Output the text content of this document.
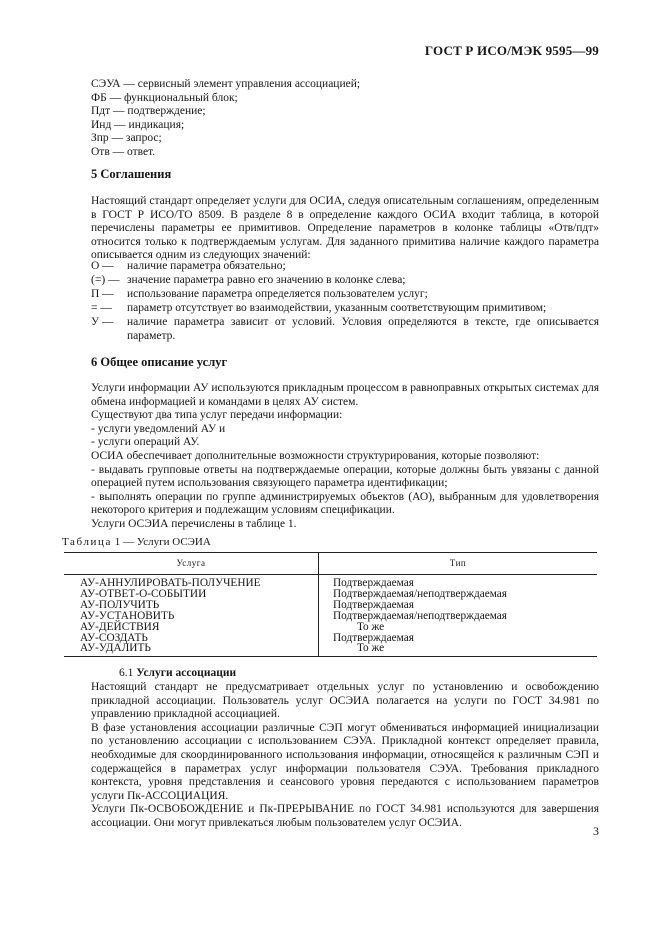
ГОСТ Р ИСО/МЭК 9595—99
СЭУА — сервисный элемент управления ассоциацией;
ФБ — функциональный блок;
Пдт — подтверждение;
Инд — индикация;
Зпр — запрос;
Отв — ответ.
5 Соглашения

Настоящий стандарт определяет услуги для ОСИА, следуя описательным соглашениям, определенным в ГОСТ Р ИСО/ТО 8509. В разделе 8 в определение каждого ОСИА входит таблица, в которой перечислены параметры ее примитивов. Определение параметров в колонке таблицы «Отв/пдт» относится только к подтверждаемым услугам. Для заданного примитива наличие каждого параметра описывается одним из следующих значений:

О — наличие параметра обязательно;
(=) — значение параметра равно его значению в колонке слева;
П — использование параметра определяется пользователем услуг;
= — параметр отсутствует во взаимодействии, указанным соответствующим примитивом;
У — наличие параметра зависит от условий. Условия определяются в тексте, где описывается параметр.
6 Общее описание услуг

Услуги информации АУ используются прикладным процессом в равноправных открытых системах для обмена информацией и командами в целях АУ систем.

Существуют два типа услуг передачи информации:

- услуги уведомлений АУ и

- услуги операций АУ.

ОСИА обеспечивает дополнительные возможности структурирования, которые позволяют:

- выдавать групповые ответы на подтверждаемые операции, которые должны быть увязаны с данной операцией путем использования связующего параметра идентификации;

- выполнять операции по группе администрируемых объектов (АО), выбранным для удовлетворения некоторого критерия и подлежащим условиям спецификации.

Услуги ОСЭИА перечислены в таблице 1.

Таблица 1 — Услуги ОСЭИА
Услуга	Тип
АУ-АННУЛИРОВАТЬ-ПОЛУЧЕНИЕ	Подтверждаемая
АУ-ОТВЕТ-О-СОБЫТИИ	Подтверждаемая/неподтверждаемая
АУ-ПОЛУЧИТЬ	Подтверждаемая
АУ-УСТАНОВИТЬ	Подтверждаемая/неподтверждаемая
АУ-ДЕЙСТВИЯ	То же
АУ-СОЗДАТЬ	Подтверждаемая
АУ-УДАЛИТЬ	То же
6.1 Услуги ассоциации

Настоящий стандарт не предусматривает отдельных услуг по установлению и освобождению прикладной ассоциации. Пользователь услуг ОСЭИА полагается на услуги по ГОСТ 34.981 по управлению прикладной ассоциацией.

В фазе установления ассоциации различные СЭП могут обмениваться информацией инициализации по установлению ассоциации с использованием СЭУА. Прикладной контекст определяет правила, необходимые для скоординированного использования информации, относящейся к различным СЭП и содержащейся в параметрах услуг информации пользователя СЭУА. Требования прикладного контекста, уровня представления и сеансового уровня передаются с использованием параметров услуги Пк-АССОЦИАЦИЯ.

Услуги Пк-ОСВОБОЖДЕНИЕ и Пк-ПРЕРЫВАНИЕ по ГОСТ 34.981 используются для завершения ассоциации. Они могут привлекаться любым пользователем услуг ОСЭИА.

3
